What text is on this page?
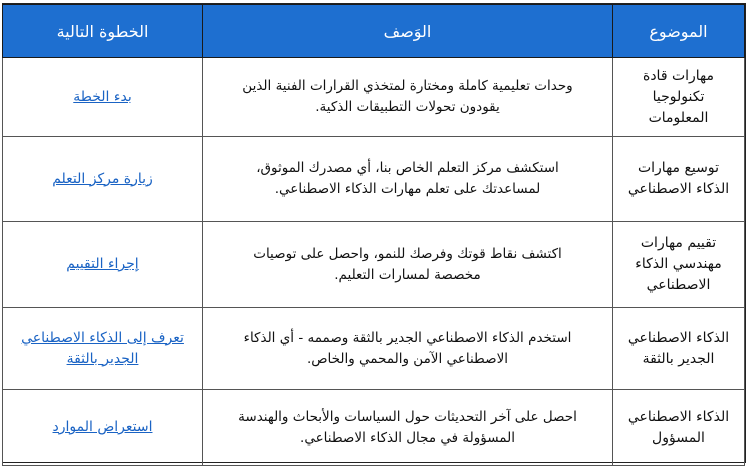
الموضوع	الوَصف	الخطوة التالية
مهارات قادة تكنولوجيا المعلومات	وحدات تعليمية كاملة ومختارة لمتخذي القرارات الفنية الذين يقودون تحولات التطبيقات الذكية.	بدء الخطة
توسيع مهارات الذكاء الاصطناعي	استكشف مركز التعلم الخاص بنا، أي مصدرك الموثوق، لمساعدتك على تعلم مهارات الذكاء الاصطناعي.	زيارة مركز التعلم
تقييم مهارات مهندسي الذكاء الاصطناعي	اكتشف نقاط قوتك وفرصك للنمو، واحصل على توصيات مخصصة لمسارات التعليم.	إجراء التقييم
الذكاء الاصطناعي الجدير بالثقة	استخدم الذكاء الاصطناعي الجدير بالثقة وصممه - أي الذكاء الاصطناعي الآمن والمحمي والخاص.	تعرف إلى الذكاء الاصطناعي الجدير بالثقة
الذكاء الاصطناعي المسؤول	احصل على آخر التحديثات حول السياسات والأبحاث والهندسة المسؤولة في مجال الذكاء الاصطناعي.	استعراض الموارد
